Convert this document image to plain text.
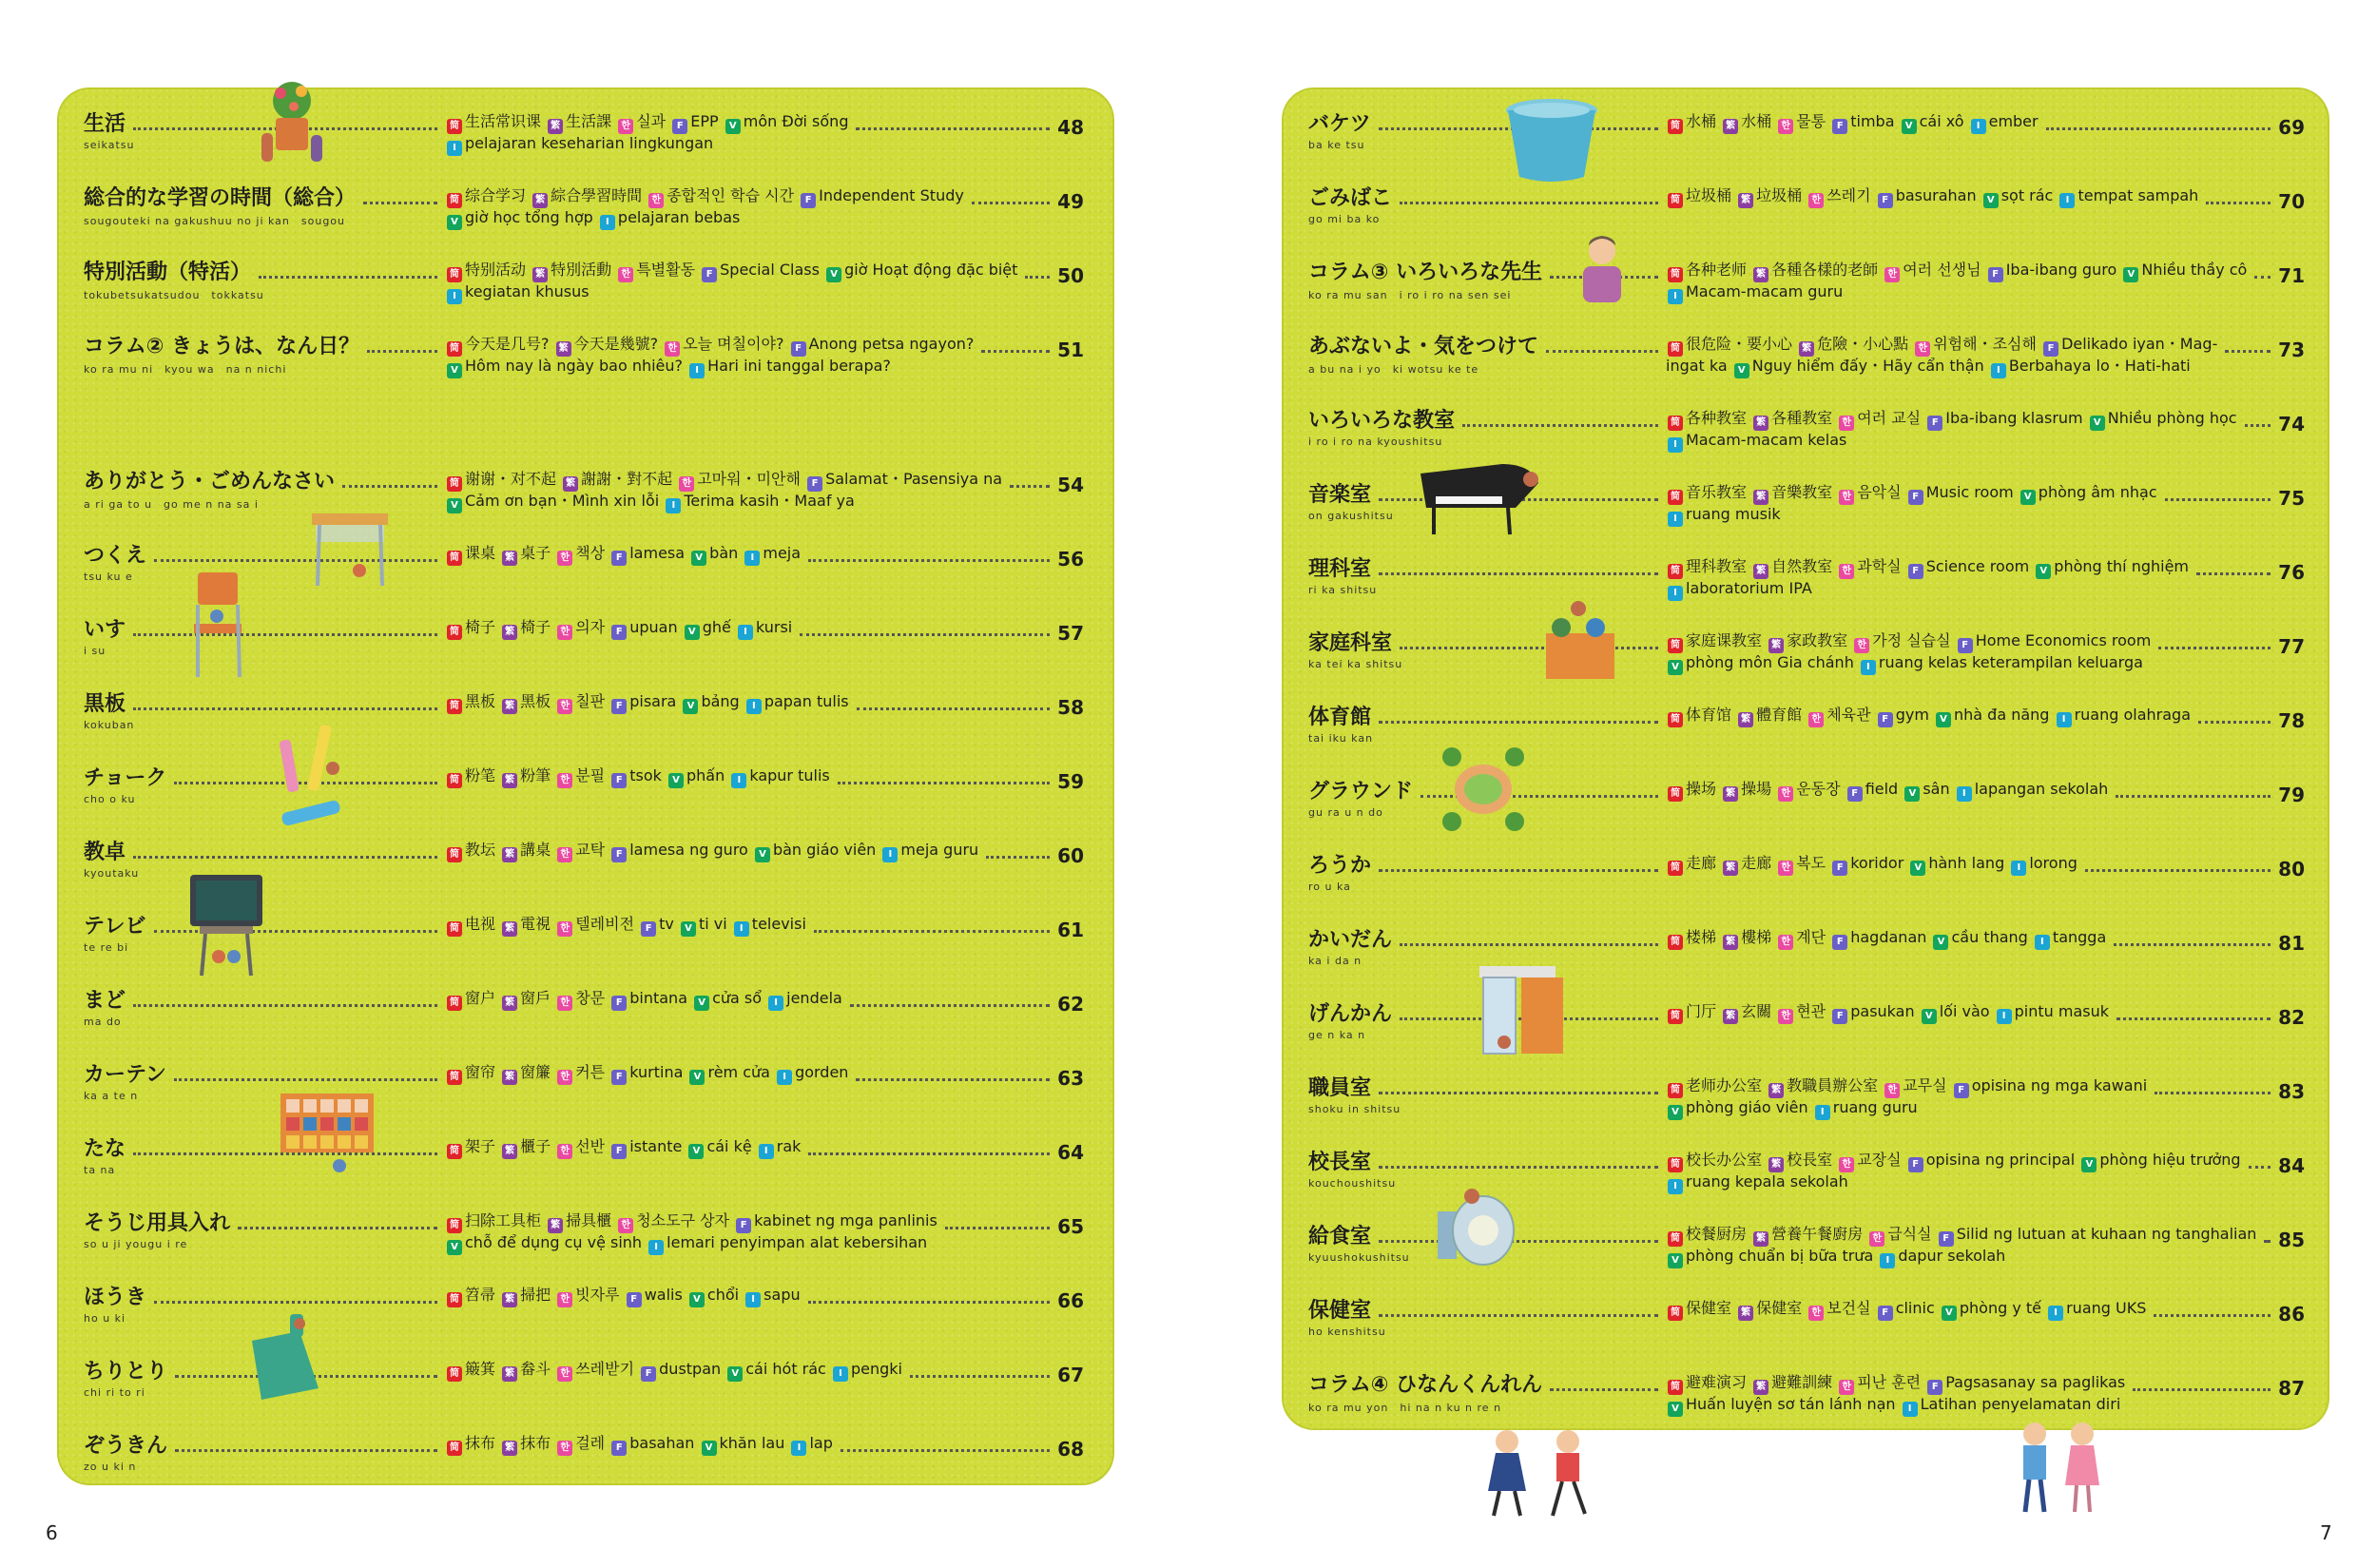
生活
seikatsu
简 生活常识课 繁 生活課 한 실과 F EPP V môn Đời sống
I pelajaran keseharian lingkungan
48
総合的な学習の時間（総合）
sougouteki na gakushuu no ji kan　sougou
简 综合学习 繁 綜合學習時間 한 종합적인 학습 시간 F Independent Study
V giờ học tổng hợp I pelajaran bebas
49
特別活動（特活）
tokubetsukatsudou　tokkatsu
简 特别活动 繁 特別活動 한 특별활동 F Special Class V giờ Hoạt động đặc biệt
I kegiatan khusus
50
コラム② きょうは、なん日？
ko ra mu ni　kyou wa　na n nichi
简 今天是几号? 繁 今天是幾號? 한 오늘 며칠이야? F Anong petsa ngayon?
V Hôm nay là ngày bao nhiêu? I Hari ini tanggal berapa?
51
ありがとう・ごめんなさい
a ri ga to u　go me n na sa i
简 谢谢・对不起 繁 謝謝・對不起 한 고마워・미안해 F Salamat・Pasensiya na
V Cảm ơn bạn・Mình xin lỗi I Terima kasih・Maaf ya
54
つくえ
tsu ku e
简 课桌 繁 桌子 한 책상 F lamesa V bàn I meja	56
いす
i su
简 椅子 繁 椅子 한 의자 F upuan V ghế I kursi	57
黒板
kokuban
简 黑板 繁 黑板 한 칠판 F pisara V bảng I papan tulis	58
チョーク
cho o ku
简 粉笔 繁 粉筆 한 분필 F tsok V phấn I kapur tulis	59
教卓
kyoutaku
简 教坛 繁 講桌 한 교탁 F lamesa ng guro V bàn giáo viên I meja guru	60
テレビ
te re bi
简 电视 繁 電視 한 텔레비전 F tv V ti vi I televisi	61
まど
ma do
简 窗户 繁 窗戶 한 창문 F bintana V cửa sổ I jendela	62
カーテン
ka a te n
简 窗帘 繁 窗簾 한 커튼 F kurtina V rèm cửa I gorden	63
たな
ta na
简 架子 繁 櫃子 한 선반 F istante V cái kệ I rak	64
そうじ用具入れ
so u ji yougu i re
简 扫除工具柜 繁 掃具櫃 한 청소도구 상자 F kabinet ng mga panlinis
V chỗ để dụng cụ vệ sinh I lemari penyimpan alat kebersihan
65
ほうき
ho u ki
简 笤帚 繁 掃把 한 빗자루 F walis V chổi I sapu	66
ちりとり
chi ri to ri
简 簸箕 繁 畚斗 한 쓰레받기 F dustpan V cái hót rác I pengki	67
ぞうきん
zo u ki n
简 抹布 繁 抹布 한 걸레 F basahan V khăn lau I lap	68
バケツ
ba ke tsu
简 水桶 繁 水桶 한 물통 F timba V cái xô I ember	69
ごみばこ
go mi ba ko
简 垃圾桶 繁 垃圾桶 한 쓰레기 F basurahan V sọt rác I tempat sampah	70
コラム③ いろいろな先生
ko ra mu san　i ro i ro na sen sei
简 各种老师 繁 各種各樣的老師 한 여러 선생님 F Iba-ibang guro V Nhiều thầy cô
I Macam-macam guru
71
あぶないよ・気をつけて
a bu na i yo　ki wotsu ke te
简 很危险・要小心 繁 危險・小心點 한 위험해・조심해 F Delikado iyan・Mag-
ingat ka V Nguy hiểm đấy・Hãy cẩn thận I Berbahaya lo・Hati-hati
73
いろいろな教室
i ro i ro na kyoushitsu
简 各种教室 繁 各種教室 한 여러 교실 F Iba-ibang klasrum V Nhiều phòng học
I Macam-macam kelas
74
音楽室
on gakushitsu
简 音乐教室 繁 音樂教室 한 음악실 F Music room V phòng âm nhạc
I ruang musik
75
理科室
ri ka shitsu
简 理科教室 繁 自然教室 한 과학실 F Science room V phòng thí nghiệm
I laboratorium IPA
76
家庭科室
ka tei ka shitsu
简 家庭课教室 繁 家政教室 한 가정 실습실 F Home Economics room
V phòng môn Gia chánh I ruang kelas keterampilan keluarga
77
体育館
tai iku kan
简 体育馆 繁 體育館 한 체육관 F gym V nhà đa năng I ruang olahraga	78
グラウンド
gu ra u n do
简 操场 繁 操場 한 운동장 F field V sân I lapangan sekolah	79
ろうか
ro u ka
简 走廊 繁 走廊 한 복도 F koridor V hành lang I lorong	80
かいだん
ka i da n
简 楼梯 繁 樓梯 한 계단 F hagdanan V cầu thang I tangga	81
げんかん
ge n ka n
简 门厅 繁 玄關 한 현관 F pasukan V lối vào I pintu masuk	82
職員室
shoku in shitsu
简 老师办公室 繁 教職員辦公室 한 교무실 F opisina ng mga kawani
V phòng giáo viên I ruang guru
83
校長室
kouchoushitsu
简 校长办公室 繁 校長室 한 교장실 F opisina ng principal V phòng hiệu trưởng
I ruang kepala sekolah
84
給食室
kyuushokushitsu
简 校餐厨房 繁 營養午餐廚房 한 급식실 F Silid ng lutuan at kuhaan ng tanghalian
V phòng chuẩn bị bữa trưa I dapur sekolah
85
保健室
ho kenshitsu
简 保健室 繁 保健室 한 보건실 F clinic V phòng y tế I ruang UKS	86
コラム④ ひなんくんれん
ko ra mu yon　hi na n ku n re n
简 避难演习 繁 避難訓練 한 피난 훈련 F Pagsasanay sa paglikas
V Huấn luyện sơ tán lánh nạn I Latihan penyelamatan diri
87
6	7
